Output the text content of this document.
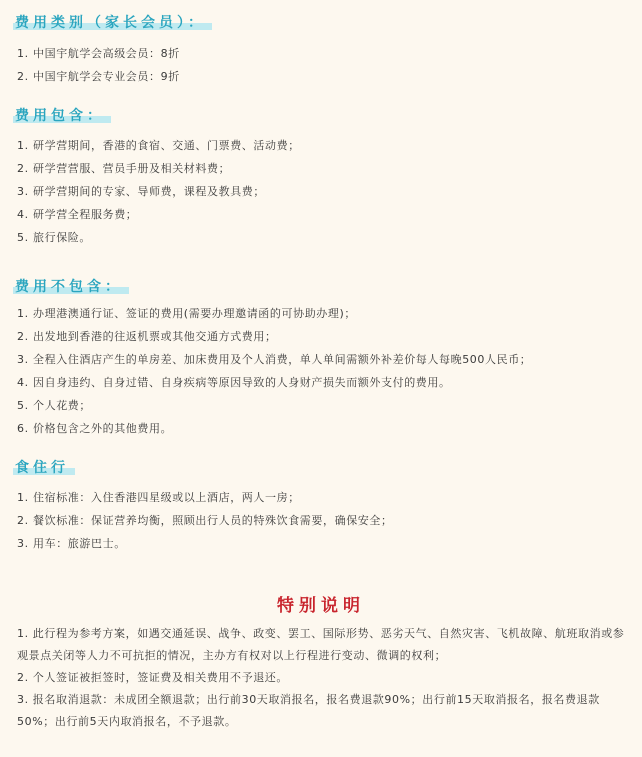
费用类别（家长会员）：
1. 中国宇航学会高级会员：8折
2. 中国宇航学会专业会员：9折
费用包含：
1. 研学营期间，香港的食宿、交通、门票费、活动费；
2. 研学营营服、营员手册及相关材料费；
3. 研学营期间的专家、导师费，课程及教具费；
4. 研学营全程服务费；
5. 旅行保险。
费用不包含：
1. 办理港澳通行证、签证的费用(需要办理邀请函的可协助办理)；
2. 出发地到香港的往返机票或其他交通方式费用；
3. 全程入住酒店产生的单房差、加床费用及个人消费，单人单间需额外补差价每人每晚500人民币；
4. 因自身违约、自身过错、自身疾病等原因导致的人身财产损失而额外支付的费用。
5. 个人花费；
6. 价格包含之外的其他费用。
食住行
1. 住宿标准：入住香港四星级或以上酒店，两人一房；
2. 餐饮标准：保证营养均衡，照顾出行人员的特殊饮食需要，确保安全；
3. 用车：旅游巴士。
特别说明
1. 此行程为参考方案，如遇交通延误、战争、政变、罢工、国际形势、恶劣天气、自然灾害、飞机故障、航班取消或参观景点关闭等人力不可抗拒的情况，主办方有权对以上行程进行变动、微调的权利；
2. 个人签证被拒签时，签证费及相关费用不予退还。
3. 报名取消退款：未成团全额退款；出行前30天取消报名，报名费退款90%；出行前15天取消报名，报名费退款50%；出行前5天内取消报名，不予退款。
